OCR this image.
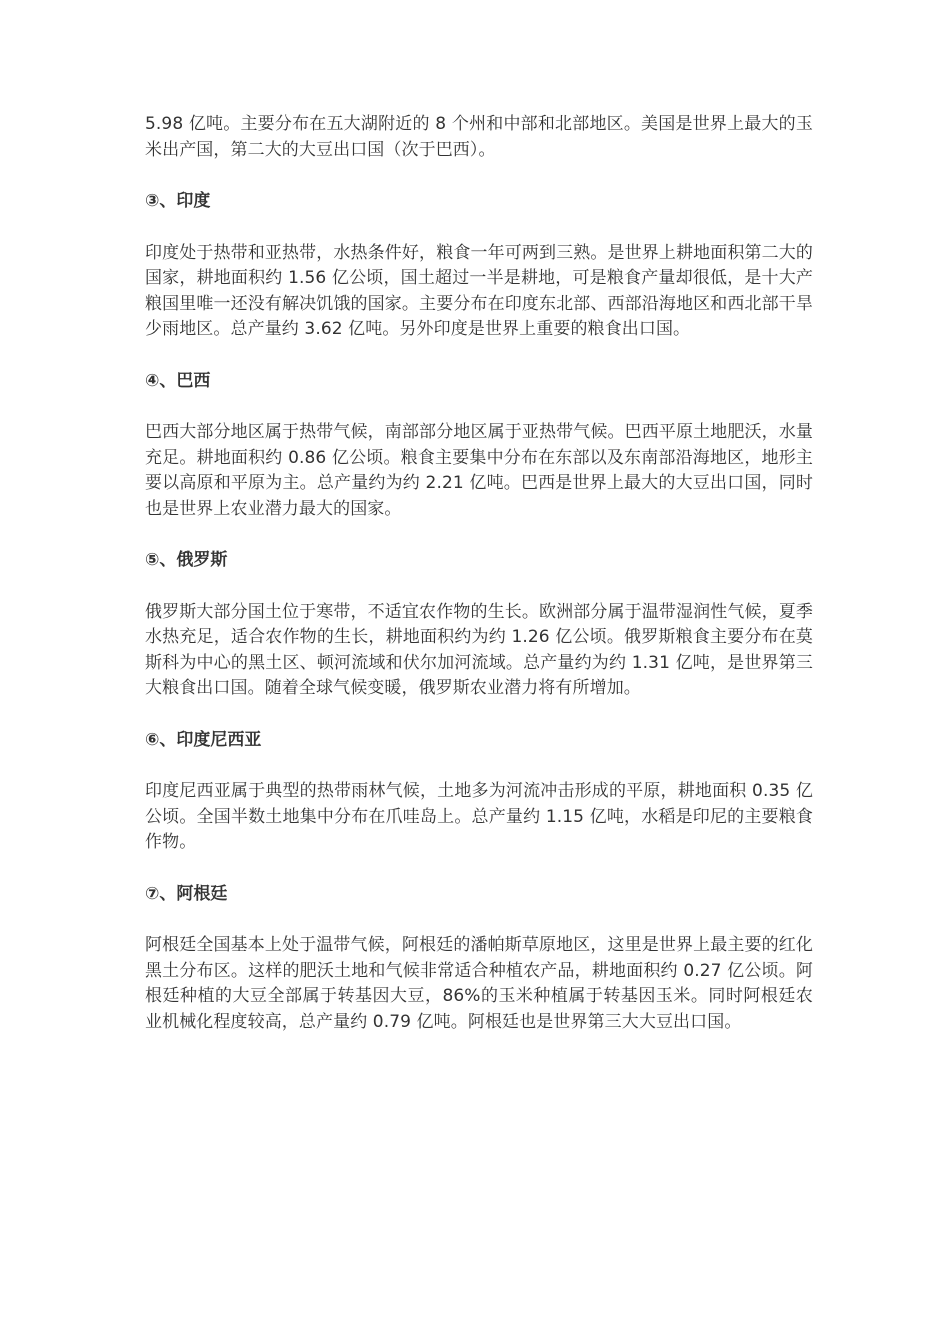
5.98 亿吨。主要分布在五大湖附近的 8 个州和中部和北部地区。美国是世界上最大的玉米出产国，第二大的大豆出口国（次于巴西）。

③、印度

印度处于热带和亚热带，水热条件好，粮食一年可两到三熟。是世界上耕地面积第二大的国家，耕地面积约 1.56 亿公顷，国土超过一半是耕地，可是粮食产量却很低，是十大产粮国里唯一还没有解决饥饿的国家。主要分布在印度东北部、西部沿海地区和西北部干旱少雨地区。总产量约 3.62 亿吨。另外印度是世界上重要的粮食出口国。

④、巴西

巴西大部分地区属于热带气候，南部部分地区属于亚热带气候。巴西平原土地肥沃，水量充足。耕地面积约 0.86 亿公顷。粮食主要集中分布在东部以及东南部沿海地区，地形主要以高原和平原为主。总产量约为约 2.21 亿吨。巴西是世界上最大的大豆出口国，同时也是世界上农业潜力最大的国家。

⑤、俄罗斯

俄罗斯大部分国土位于寒带，不适宜农作物的生长。欧洲部分属于温带湿润性气候，夏季水热充足，适合农作物的生长，耕地面积约为约 1.26 亿公顷。俄罗斯粮食主要分布在莫斯科为中心的黑土区、顿河流域和伏尔加河流域。总产量约为约 1.31 亿吨，是世界第三大粮食出口国。随着全球气候变暖，俄罗斯农业潜力将有所增加。

⑥、印度尼西亚

印度尼西亚属于典型的热带雨林气候，土地多为河流冲击形成的平原，耕地面积 0.35 亿公顷。全国半数土地集中分布在爪哇岛上。总产量约 1.15 亿吨，水稻是印尼的主要粮食作物。

⑦、阿根廷

阿根廷全国基本上处于温带气候，阿根廷的潘帕斯草原地区，这里是世界上最主要的红化黑土分布区。这样的肥沃土地和气候非常适合种植农产品，耕地面积约 0.27 亿公顷。阿根廷种植的大豆全部属于转基因大豆，86%的玉米种植属于转基因玉米。同时阿根廷农业机械化程度较高，总产量约 0.79 亿吨。阿根廷也是世界第三大大豆出口国。
